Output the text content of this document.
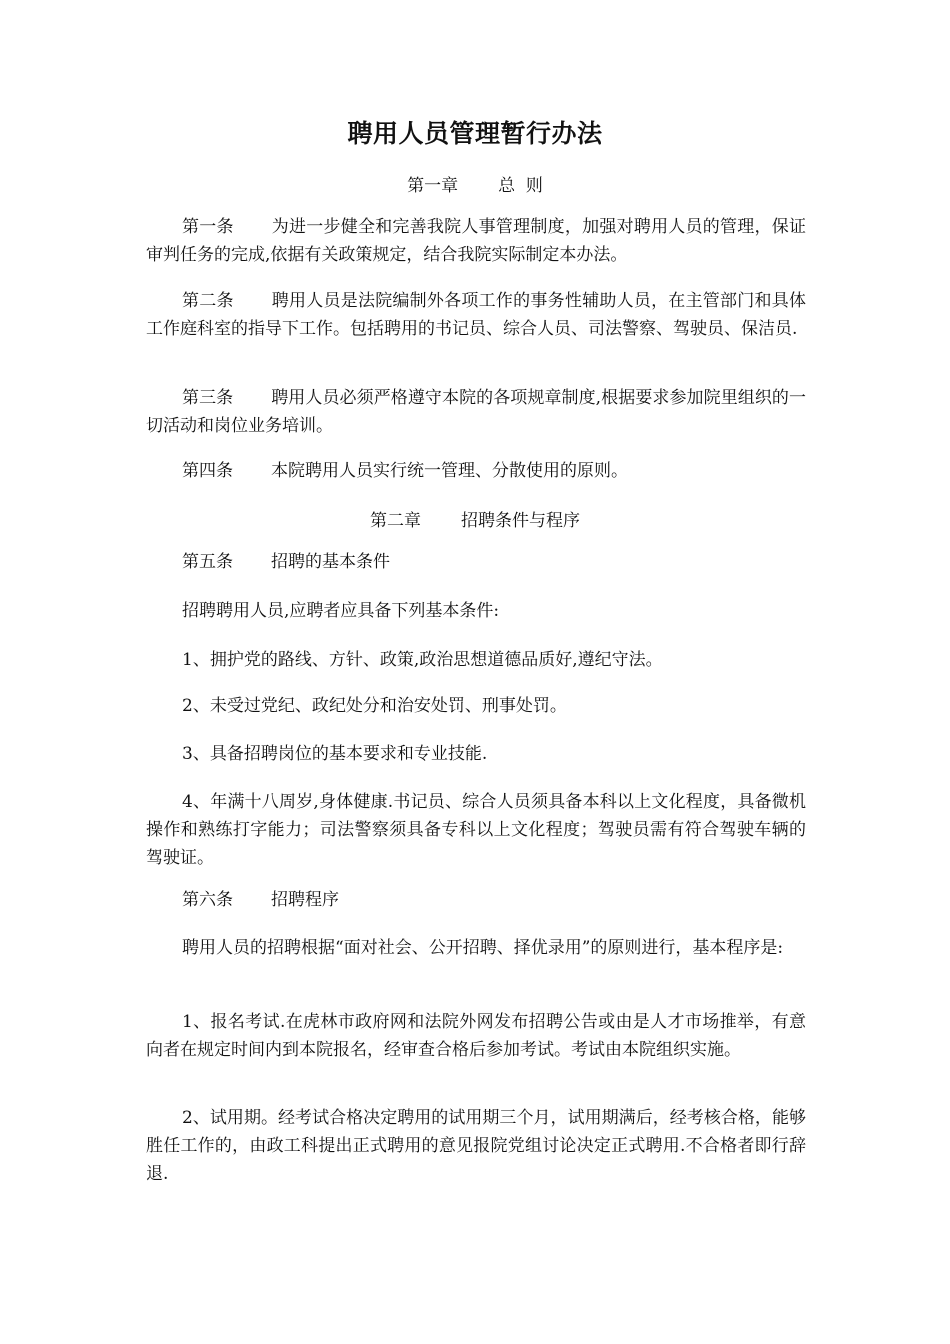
聘用人员管理暂行办法
第一章 总  则
第一条 为进一步健全和完善我院人事管理制度，加强对聘用人员的管理，保证审判任务的完成,依据有关政策规定，结合我院实际制定本办法。
第二条 聘用人员是法院编制外各项工作的事务性辅助人员，在主管部门和具体工作庭科室的指导下工作。包括聘用的书记员、综合人员、司法警察、驾驶员、保洁员.
第三条 聘用人员必须严格遵守本院的各项规章制度,根据要求参加院里组织的一切活动和岗位业务培训。
第四条 本院聘用人员实行统一管理、分散使用的原则。
第二章 招聘条件与程序
第五条 招聘的基本条件
招聘聘用人员,应聘者应具备下列基本条件:
1、拥护党的路线、方针、政策,政治思想道德品质好,遵纪守法。
2、未受过党纪、政纪处分和治安处罚、刑事处罚。
3、具备招聘岗位的基本要求和专业技能.
4、年满十八周岁,身体健康.书记员、综合人员须具备本科以上文化程度，具备微机操作和熟练打字能力；司法警察须具备专科以上文化程度；驾驶员需有符合驾驶车辆的驾驶证。
第六条 招聘程序
聘用人员的招聘根据“面对社会、公开招聘、择优录用”的原则进行，基本程序是:
1、报名考试.在虎林市政府网和法院外网发布招聘公告或由是人才市场推举，有意向者在规定时间内到本院报名，经审查合格后参加考试。考试由本院组织实施。
2、试用期。经考试合格决定聘用的试用期三个月，试用期满后，经考核合格，能够胜任工作的，由政工科提出正式聘用的意见报院党组讨论决定正式聘用.不合格者即行辞退.
